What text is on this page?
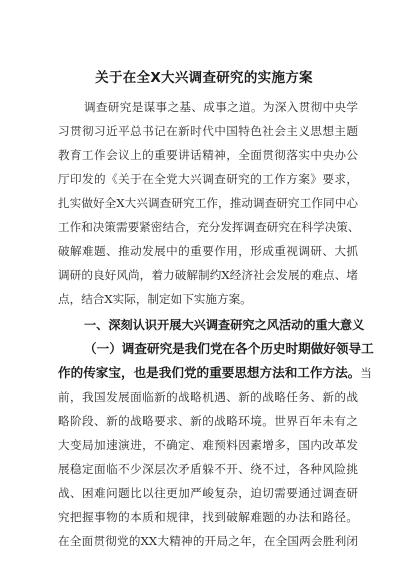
关于在全X大兴调查研究的实施方案
调查研究是谋事之基、成事之道。为深入贯彻中央学
习贯彻习近平总书记在新时代中国特色社会主义思想主题
教育工作会议上的重要讲话精神，全面贯彻落实中央办公
厅印发的《关于在全党大兴调查研究的工作方案》要求，
扎实做好全X大兴调查研究工作，推动调查研究工作同中心
工作和决策需要紧密结合，充分发挥调查研究在科学决策、
破解难题、推动发展中的重要作用，形成重视调研、大抓
调研的良好风尚，着力破解制约X经济社会发展的难点、堵
点，结合X实际，制定如下实施方案。
一、深刻认识开展大兴调查研究之风活动的重大意义
（一）调查研究是我们党在各个历史时期做好领导工
作的传家宝，也是我们党的重要思想方法和工作方法。当
前，我国发展面临新的战略机遇、新的战略任务、新的战
略阶段、新的战略要求、新的战略环境。世界百年未有之
大变局加速演进，不确定、难预料因素增多，国内改革发
展稳定面临不少深层次矛盾躲不开、绕不过，各种风险挑
战、困难问题比以往更加严峻复杂，迫切需要通过调查研
究把握事物的本质和规律，找到破解难题的办法和路径。
在全面贯彻党的XX大精神的开局之年，在全国两会胜利闭
